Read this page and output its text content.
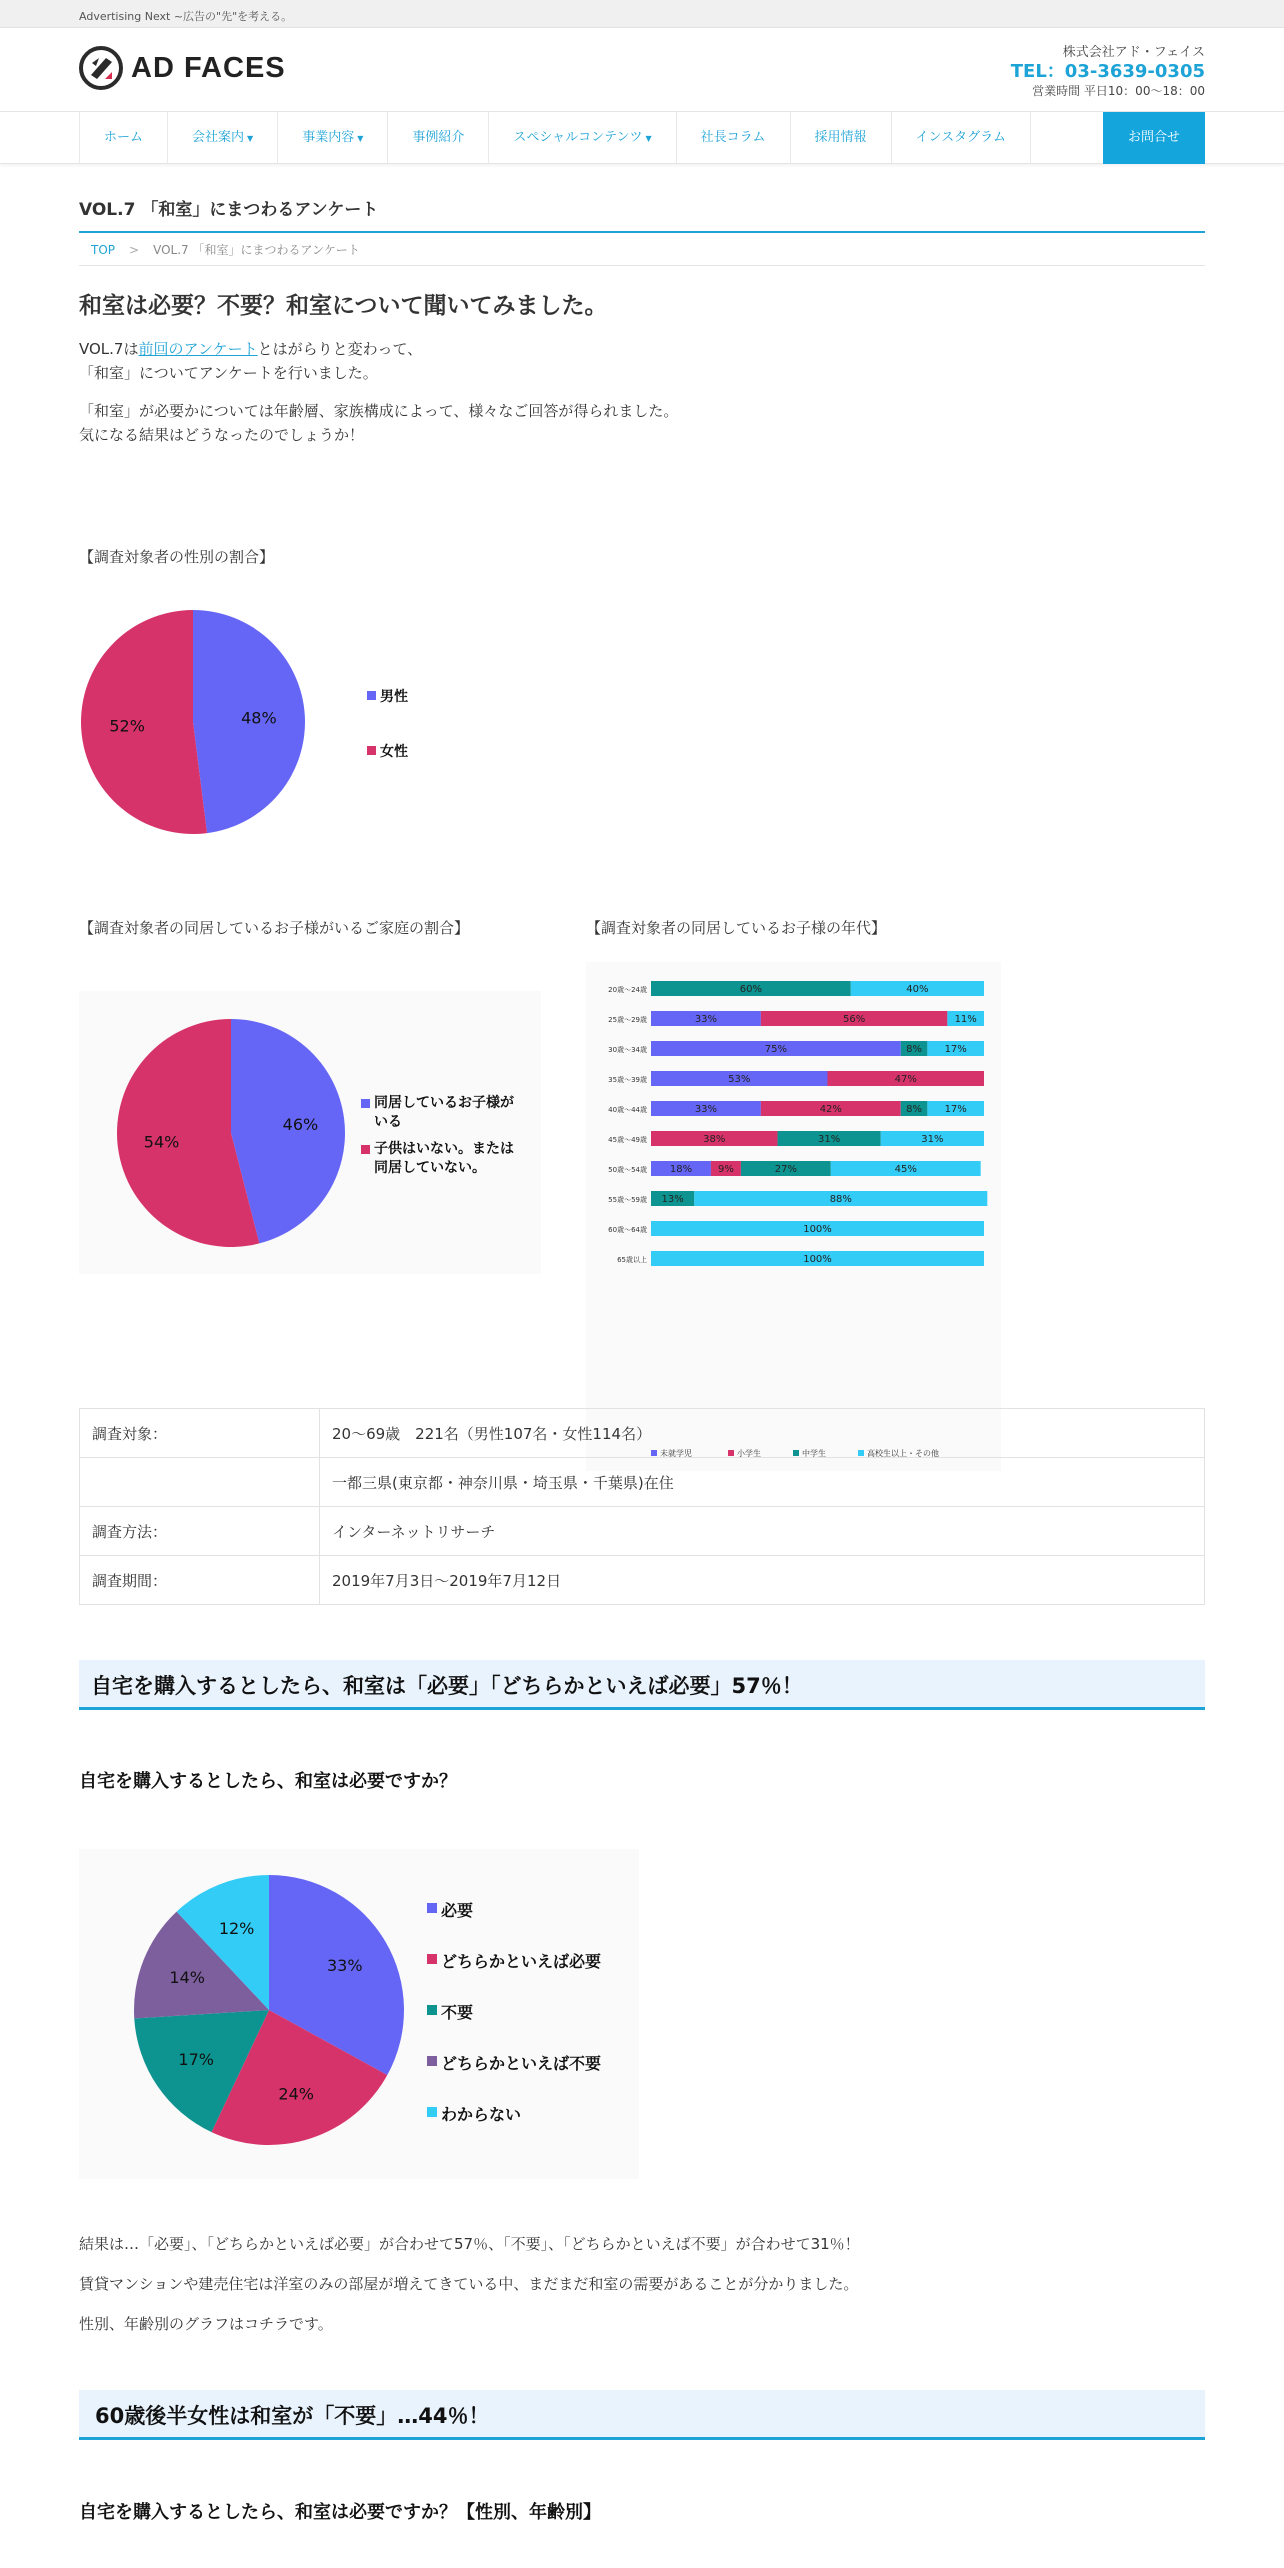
Advertising Next ~広告の"先"を考える。
AD FACES	株式会社アド・フェイス
TEL：03-3639-0305
営業時間 平日10：00～18：00
ホーム	会社案内 ▼	事業内容 ▼	事例紹介	スペシャルコンテンツ ▼	社長コラム	採用情報	インスタグラム	お問合せ
VOL.7 「和室」にまつわるアンケート
TOP > VOL.7 「和室」にまつわるアンケート
和室は必要？不要？和室について聞いてみました。
VOL.7は前回のアンケートとはがらりと変わって、
「和室」についてアンケートを行いました。
「和室」が必要かについては年齢層、家族構成によって、様々なご回答が得られました。
気になる結果はどうなったのでしょうか！
【調査対象者の性別の割合】
【調査対象者の同居しているお子様がいるご家庭の割合】	【調査対象者の同居しているお子様の年代】
48%
52%
男性
女性
46%
54%
同居しているお子様がいる
子供はいない。または同居していない。
20歳～24歳	60%	40%
25歳～29歳	33%	56%	11%
30歳～34歳	75%	8% 17%
35歳～39歳	53%	47%
40歳～44歳	33%	42%	8% 17%
45歳～49歳	38%	31%	31%
50歳～54歳 18%	9%	27%	45%
55歳～59歳 13%	88%
60歳～64歳	100%
65歳以上	100%
未就学児	小学生	中学生	高校生以上・その他
調査対象：	20～69歳　221名（男性107名・女性114名）
	一都三県(東京都・神奈川県・埼玉県・千葉県)在住
調査方法：	インターネットリサーチ
調査期間：	2019年7月3日～2019年7月12日
自宅を購入するとしたら、和室は「必要」「どちらかといえば必要」57％！
自宅を購入するとしたら、和室は必要ですか？
33%
24%
17%
14%
12%
必要
どちらかといえば必要
不要
どちらかといえば不要
わからない
結果は…「必要」、「どちらかといえば必要」が合わせて57％、「不要」、「どちらかといえば不要」が合わせて31％！
賃貸マンションや建売住宅は洋室のみの部屋が増えてきている中、まだまだ和室の需要があることが分かりました。
性別、年齢別のグラフはコチラです。
60歳後半女性は和室が「不要」…44％！
自宅を購入するとしたら、和室は必要ですか？【性別、年齢別】
